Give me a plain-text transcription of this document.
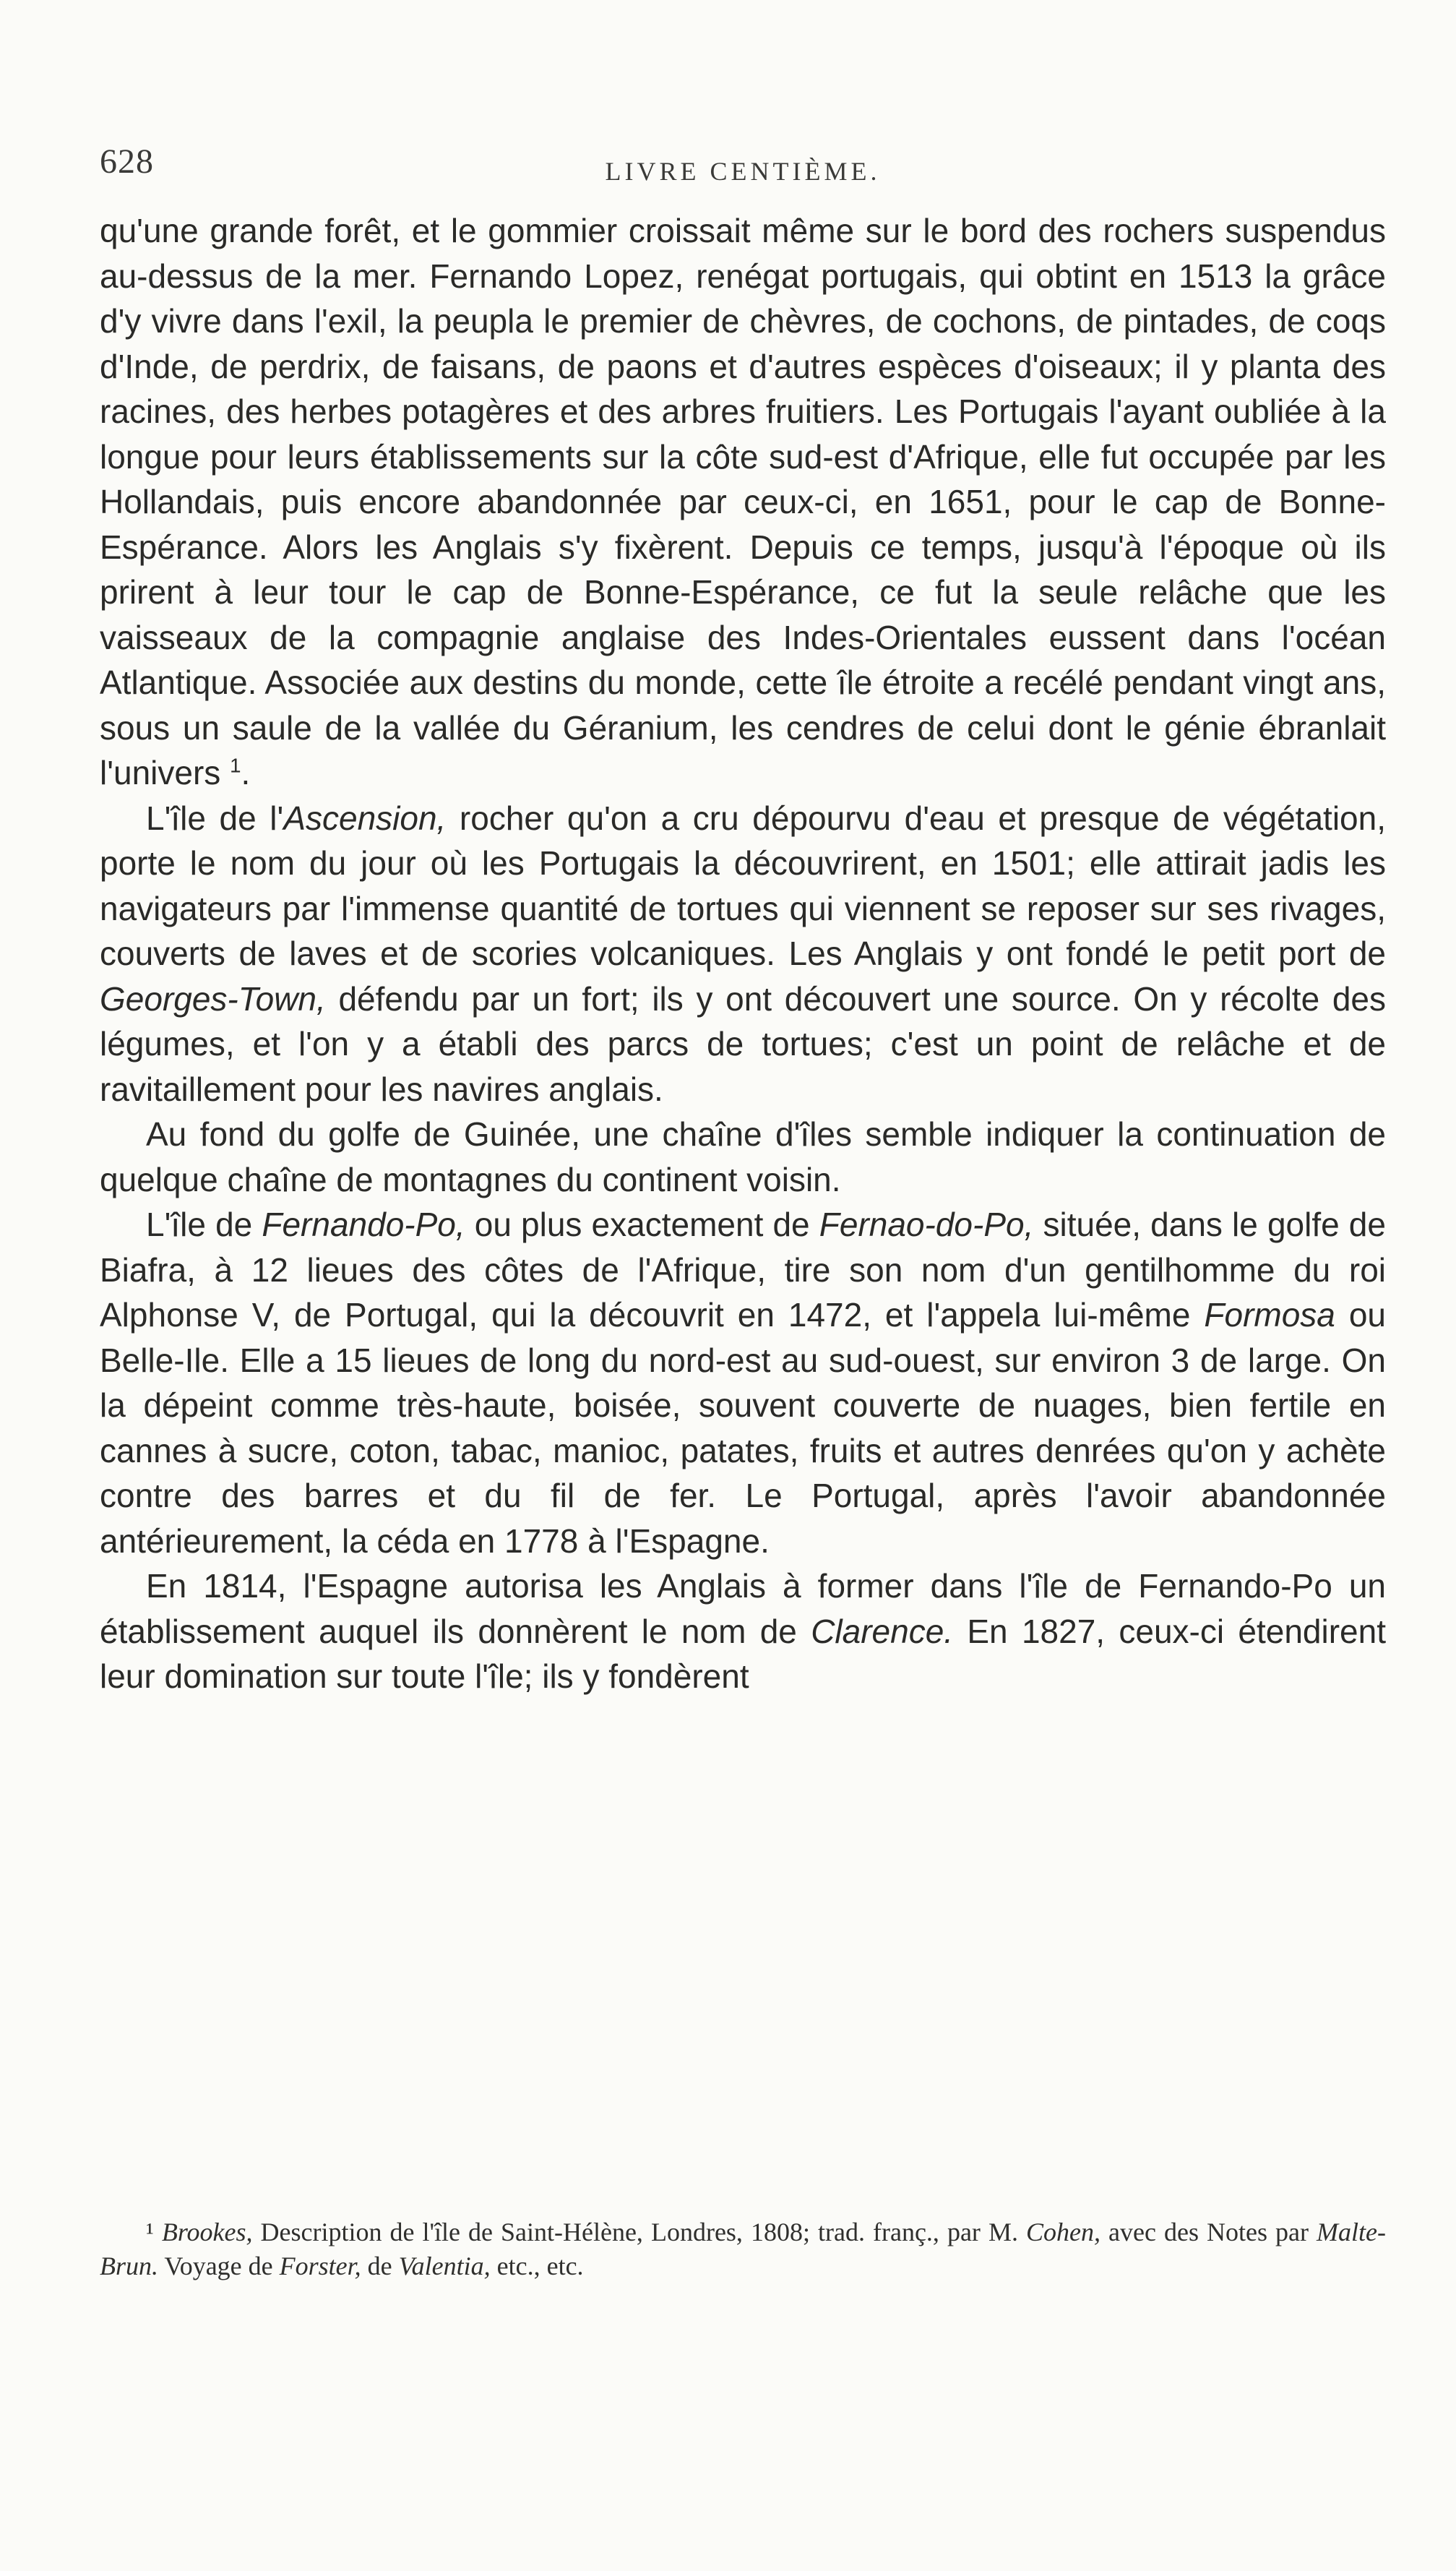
628	LIVRE CENTIÈME.

qu'une grande forêt, et le gommier croissait même sur le bord des rochers suspendus au-dessus de la mer. Fernando Lopez, renégat portugais, qui obtint en 1513 la grâce d'y vivre dans l'exil, la peupla le premier de chèvres, de cochons, de pintades, de coqs d'Inde, de perdrix, de faisans, de paons et d'autres espèces d'oiseaux; il y planta des racines, des herbes potagères et des arbres fruitiers. Les Portugais l'ayant oubliée à la longue pour leurs établissements sur la côte sud-est d'Afrique, elle fut occupée par les Hollandais, puis encore abandonnée par ceux-ci, en 1651, pour le cap de Bonne-Espérance. Alors les Anglais s'y fixèrent. Depuis ce temps, jusqu'à l'époque où ils prirent à leur tour le cap de Bonne-Espérance, ce fut la seule relâche que les vaisseaux de la compagnie anglaise des Indes-Orientales eussent dans l'océan Atlantique. Associée aux destins du monde, cette île étroite a recélé pendant vingt ans, sous un saule de la vallée du Géranium, les cendres de celui dont le génie ébranlait l'univers $^1$.

L'île de l'Ascension, rocher qu'on a cru dépourvu d'eau et presque de végétation, porte le nom du jour où les Portugais la découvrirent, en 1501; elle attirait jadis les navigateurs par l'immense quantité de tortues qui viennent se reposer sur ses rivages, couverts de laves et de scories volcaniques. Les Anglais y ont fondé le petit port de Georges-Town, défendu par un fort; ils y ont découvert une source. On y récolte des légumes, et l'on y a établi des parcs de tortues; c'est un point de relâche et de ravitaillement pour les navires anglais.

Au fond du golfe de Guinée, une chaîne d'îles semble indiquer la continuation de quelque chaîne de montagnes du continent voisin.

L'île de Fernando-Po, ou plus exactement de Fernao-do-Po, située, dans le golfe de Biafra, à 12 lieues des côtes de l'Afrique, tire son nom d'un gentilhomme du roi Alphonse V, de Portugal, qui la découvrit en 1472, et l'appela lui-même Formosa ou Belle-Ile. Elle a 15 lieues de long du nord-est au sud-ouest, sur environ 3 de large. On la dépeint comme très-haute, boisée, souvent couverte de nuages, bien fertile en cannes à sucre, coton, tabac, manioc, patates, fruits et autres denrées qu'on y achète contre des barres et du fil de fer. Le Portugal, après l'avoir abandonnée antérieurement, la céda en 1778 à l'Espagne.

En 1814, l'Espagne autorisa les Anglais à former dans l'île de Fernando-Po un établissement auquel ils donnèrent le nom de Clarence. En 1827, ceux-ci étendirent leur domination sur toute l'île; ils y fondèrent

¹ Brookes, Description de l'île de Saint-Hélène, Londres, 1808; trad. franç., par M. Cohen, avec des Notes par Malte-Brun. Voyage de Forster, de Valentia, etc., etc.
